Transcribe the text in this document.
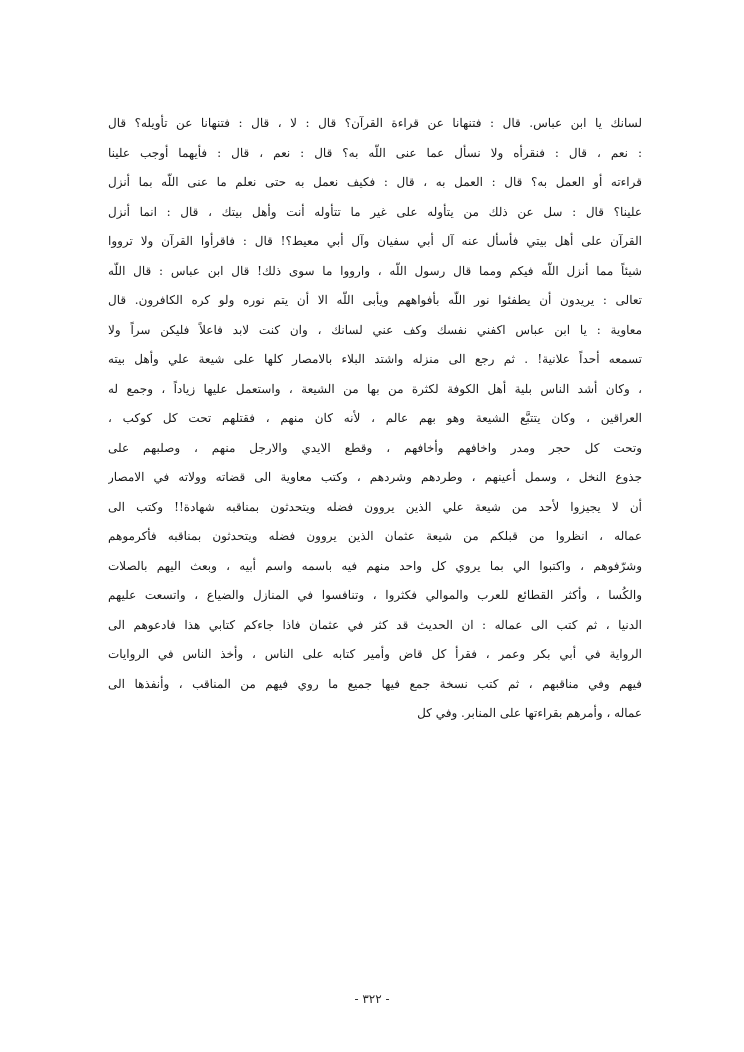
لسانك يا ابن عباس. قال : فتنهانا عن قراءة القرآن؟ قال : لا ، قال : فتنهانا عن تأويله؟ قال
: نعم ، قال : فنقرأه ولا نسأل عما عنى اللّه به؟ قال : نعم ، قال : فأيهما أوجب علينا
قراءته أو العمل به؟ قال : العمل به ، قال : فكيف نعمل به حتى نعلم ما عنى اللّه بما أنزل
علينا؟ قال : سل عن ذلك من يتأوله على غير ما تتأوله أنت وأهل بيتك ، قال : انما أنزل
القرآن على أهل بيتي فأسأل عنه آل أبي سفيان وآل أبي معيط؟! قال : فاقرأوا القرآن ولا ترووا
شيئاً مما أنزل اللّه فيكم ومما قال رسول اللّه ، وارووا ما سوى ذلك! قال ابن عباس : قال اللّه
تعالى : يريدون أن يطفئوا نور اللّه بأفواههم ويأبى اللّه الا أن يتم نوره ولو كره الكافرون. قال
معاوية : يا ابن عباس اكفني نفسك وكف عني لسانك ، وان كنت لابد فاعلاً فليكن سراً ولا
تسمعه أحداً علانية! . ثم رجع الى منزله واشتد البلاء بالامصار كلها على شيعة علي وأهل بيته
، وكان أشد الناس بلية أهل الكوفة لكثرة من بها من الشيعة ، واستعمل عليها زياداً ، وجمع له
العراقين ، وكان يتتبَّع الشيعة وهو بهم عالم ، لأنه كان منهم ، فقتلهم تحت كل كوكب ،
وتحت كل حجر ومدر واخافهم وأخافهم ، وقطع الايدي والارجل منهم ، وصلبهم على
جذوع النخل ، وسمل أعينهم ، وطردهم وشردهم ، وكتب معاوية الى قضاته وولاته في الامصار
أن لا يجيزوا لأحد من شيعة علي الذين يروون فضله ويتحدثون بمناقبه شهادة!! وكتب الى
عماله ، انظروا من قبلكم من شيعة عثمان الذين يروون فضله ويتحدثون بمناقبه فأكرموهم
وشرّفوهم ، واكتبوا الي بما يروي كل واحد منهم فيه باسمه واسم أبيه ، وبعث اليهم بالصلات
والكُسا ، وأكثر القطائع للعرب والموالي فكثروا ، وتنافسوا في المنازل والضياع ، واتسعت عليهم
الدنيا ، ثم كتب الى عماله : ان الحديث قد كثر في عثمان فاذا جاءكم كتابي هذا فادعوهم الى
الرواية في أبي بكر وعمر ، فقرأ كل قاض وأمير كتابه على الناس ، وأخذ الناس في الروايات
فيهم وفي مناقبهم ، ثم كتب نسخة جمع فيها جميع ما روي فيهم من المناقب ، وأنفذها الى
عماله ، وأمرهم بقراءتها على المنابر. وفي كل
- ٣٢٢ -
